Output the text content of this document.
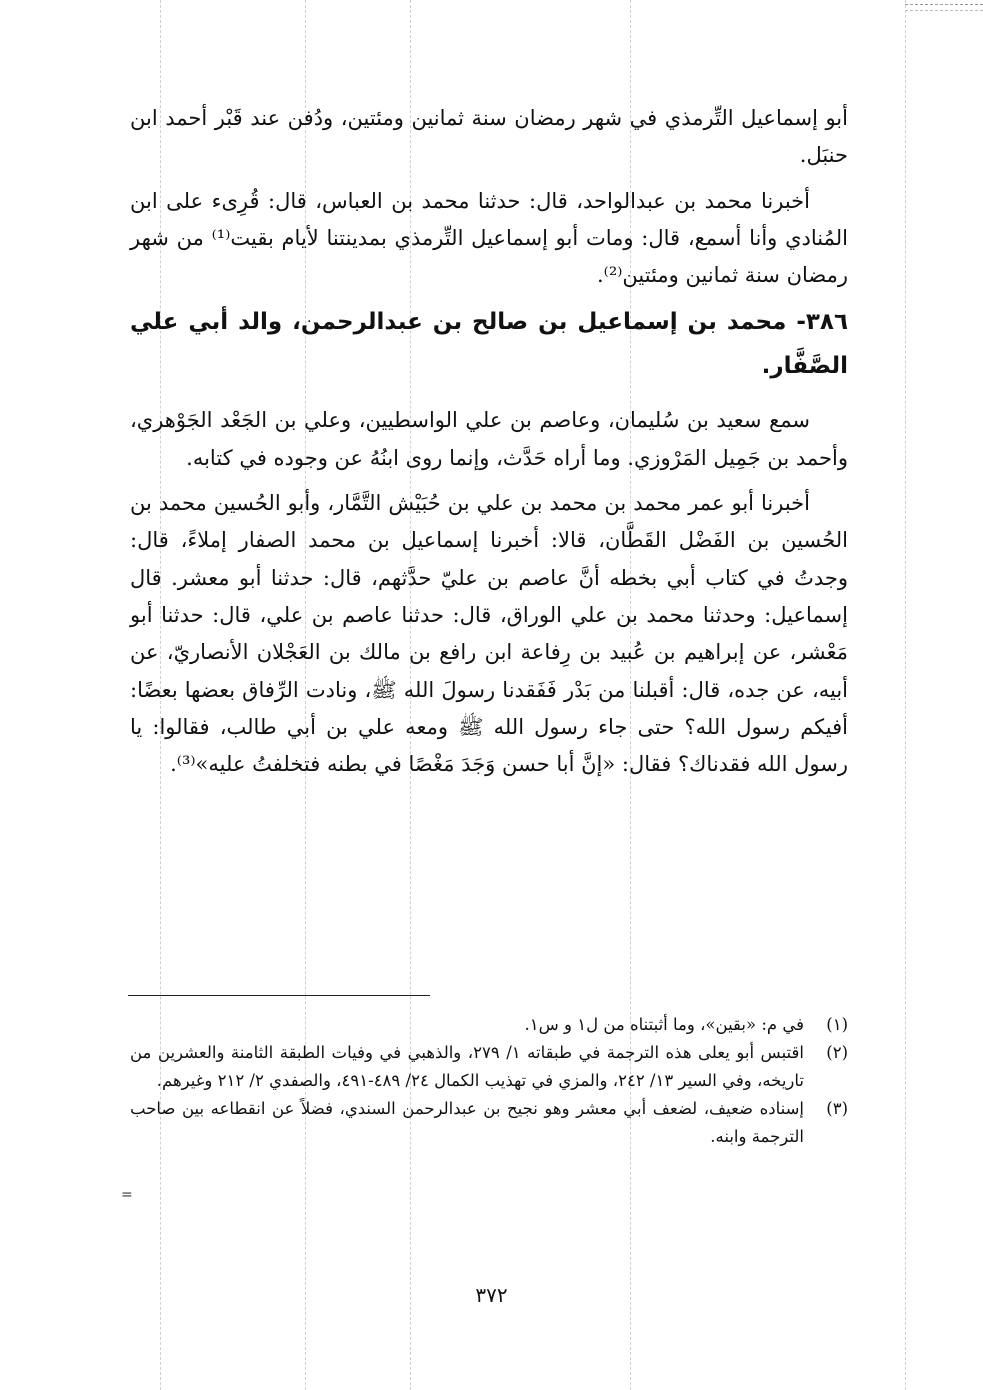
أبو إسماعيل التِّرمذي في شهر رمضان سنة ثمانين ومئتين، ودُفن عند قَبْر أحمد ابن حنبَل.

أخبرنا محمد بن عبدالواحد، قال: حدثنا محمد بن العباس، قال: قُرِىء على ابن المُنادي وأنا أسمع، قال: ومات أبو إسماعيل التِّرمذي بمدينتنا لأيام بقيت⁽¹⁾ من شهر رمضان سنة ثمانين ومئتين⁽²⁾.

٣٨٦- محمد بن إسماعيل بن صالح بن عبدالرحمن، والد أبي علي الصَّفَّار.

سمع سعيد بن سُليمان، وعاصم بن علي الواسطيين، وعلي بن الجَعْد الجَوْهري، وأحمد بن جَمِيل المَرْوزي. وما أراه حَدَّث، وإنما روى ابنُهُ عن وجوده في كتابه.

أخبرنا أبو عمر محمد بن محمد بن علي بن حُبَيْش التَّمَّار، وأبو الحُسين محمد بن الحُسين بن الفَضْل القَطَّان، قالا: أخبرنا إسماعيل بن محمد الصفار إملاءً، قال: وجدتُ في كتاب أبي بخطه أنَّ عاصم بن عليّ حدَّثهم، قال: حدثنا أبو معشر. قال إسماعيل: وحدثنا محمد بن علي الوراق، قال: حدثنا عاصم بن علي، قال: حدثنا أبو مَعْشر، عن إبراهيم بن عُبيد بن رِفاعة ابن رافع بن مالك بن العَجْلان الأنصاريّ، عن أبيه، عن جده، قال: أقبلنا من بَدْر فَفَقدنا رسولَ الله ﷺ، ونادت الرِّفاق بعضها بعضًا: أفيكم رسول الله؟ حتى جاء رسول الله ﷺ ومعه علي بن أبي طالب، فقالوا: يا رسول الله فقدناك؟ فقال: «إنَّ أبا حسن وَجَدَ مَغْصًا في بطنه فتخلفتُ عليه»⁽³⁾.

(١)
في م: «بقين»، وما أثبتناه من ل١ و س١.

(٢)
اقتبس أبو يعلى هذه الترجمة في طبقاته ١/ ٢٧٩، والذهبي في وفيات الطبقة الثامنة والعشرين من تاريخه، وفي السير ١٣/ ٢٤٢، والمزي في تهذيب الكمال ٢٤/ ٤٨٩-٤٩١، والصفدي ٢/ ٢١٢ وغيرهم.

(٣)
إسناده ضعيف، لضعف أبي معشر وهو نجيح بن عبدالرحمن السندي، فضلاً عن انقطاعه بين صاحب الترجمة وابنه.

=
٣٧٢
